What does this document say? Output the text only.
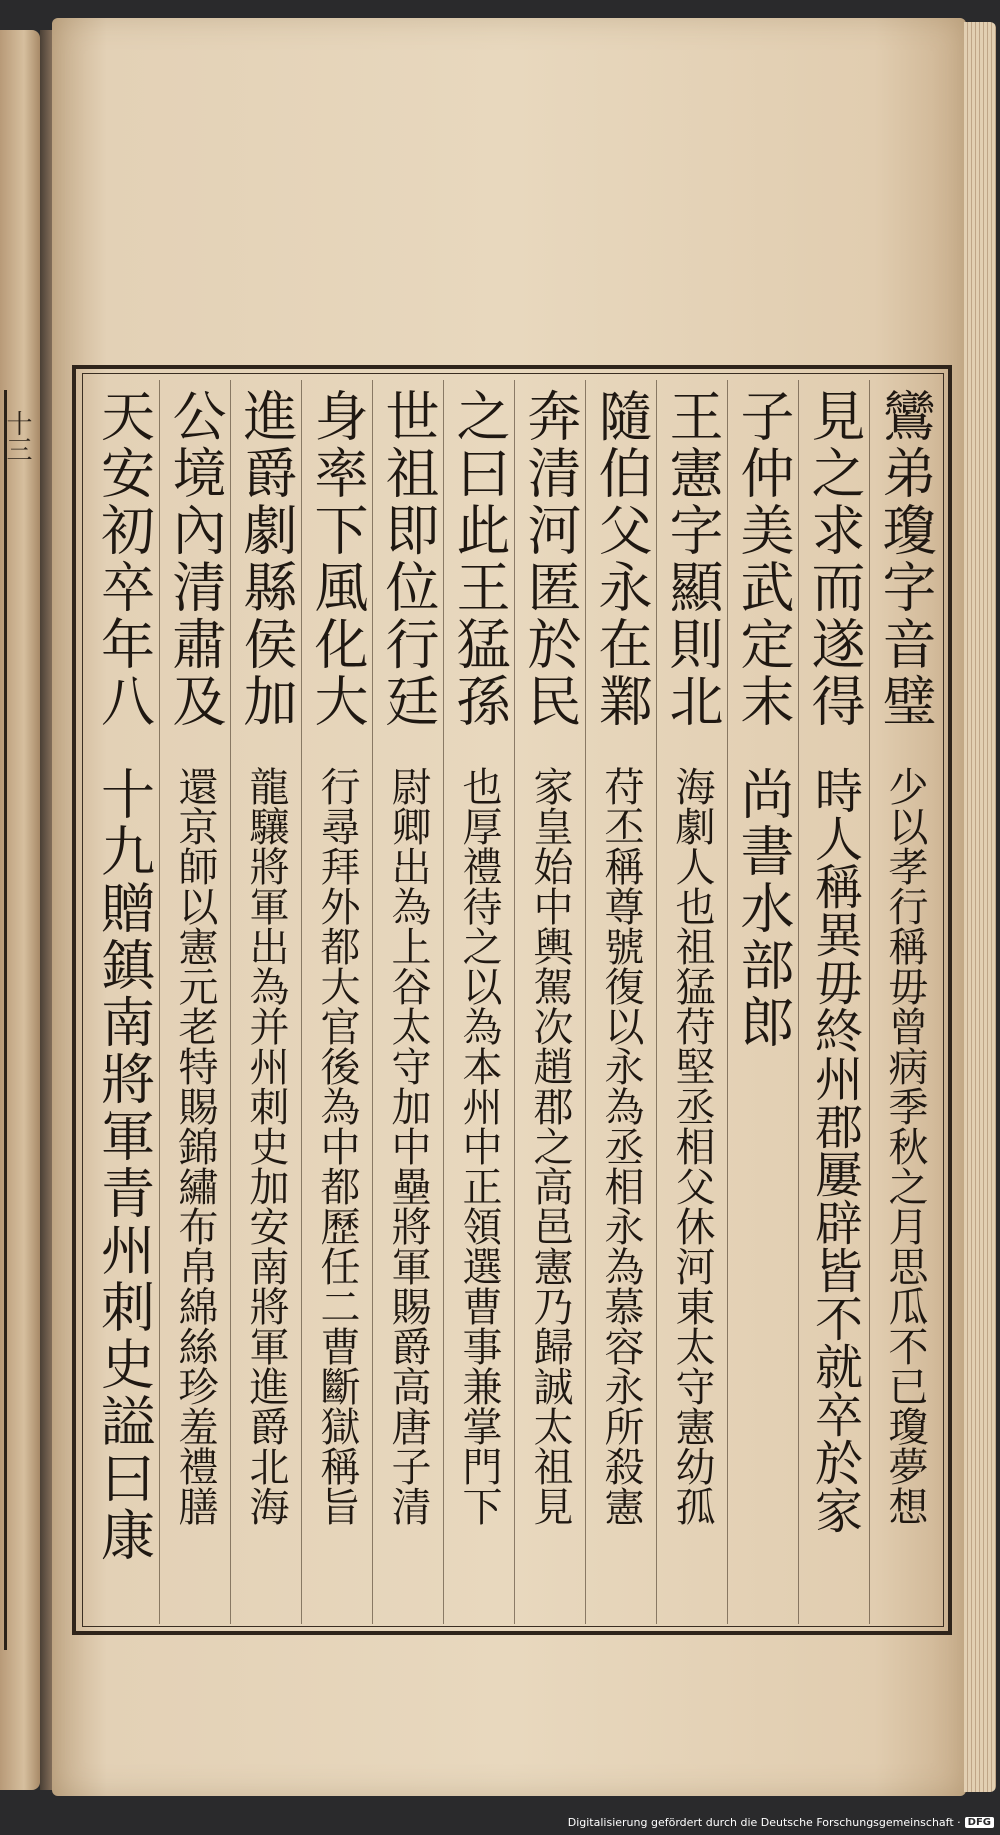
十三	鸞弟瓊字音璧
少以孝行稱毋曾病季秋之月思瓜不已瓊夢想
見之求而遂得
時人稱異毋終州郡屢辟皆不就卒於家
子仲美武定末
尚書水部郎
王憲字顯則北
海劇人也祖猛苻堅丞相父休河東太守憲幼孤
隨伯父永在鄴
苻丕稱尊號復以永為丞相永為慕容永所殺憲
奔清河匿於民
家皇始中輿駕次趙郡之高邑憲乃歸誠太祖見
之曰此王猛孫
也厚禮待之以為本州中正領選曹事兼掌門下
世祖即位行廷
尉卿出為上谷太守加中壘將軍賜爵高唐子清
身率下風化大
行尋拜外都大官後為中都歷任二曹斷獄稱旨
進爵劇縣侯加
龍驤將軍出為并州刺史加安南將軍進爵北海
公境內清肅及
還京師以憲元老特賜錦繡布帛綿絲珍羞禮膳
天安初卒年八
十九贈鎮南將軍青州刺史謚曰康
Digitalisierung gefördert durch die Deutsche Forschungsgemeinschaft · DFG
